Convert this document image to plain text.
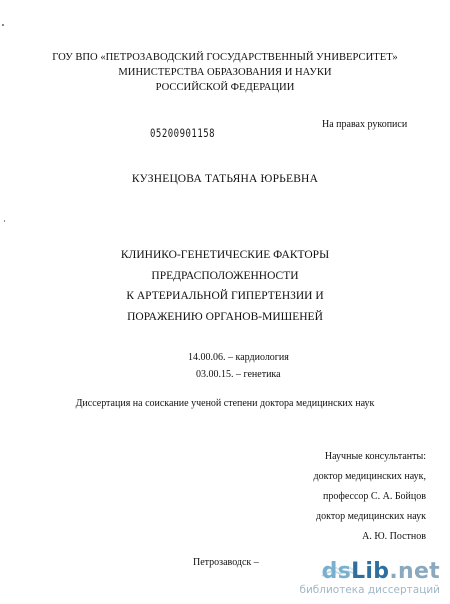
ГОУ ВПО «ПЕТРОЗАВОДСКИЙ ГОСУДАРСТВЕННЫЙ УНИВЕРСИТЕТ»
МИНИСТЕРСТВА ОБРАЗОВАНИЯ И НАУКИ
РОССИЙСКОЙ ФЕДЕРАЦИИ
На правах рукописи
05200901158
КУЗНЕЦОВА ТАТЬЯНА ЮРЬЕВНА
КЛИНИКО-ГЕНЕТИЧЕСКИЕ ФАКТОРЫ
ПРЕДРАСПОЛОЖЕННОСТИ
К АРТЕРИАЛЬНОЙ ГИПЕРТЕНЗИИ И
ПОРАЖЕНИЮ ОРГАНОВ-МИШЕНЕЙ
14.00.06. – кардиология
03.00.15. – генетика
Диссертация на соискание ученой степени доктора медицинских наук
Научные консультанты:
доктор медицинских наук,
профессор С. А. Бойцов
доктор медицинских наук
А. Ю. Постнов
Петрозаводск –	dsLib.net
библиотека диссертаций
